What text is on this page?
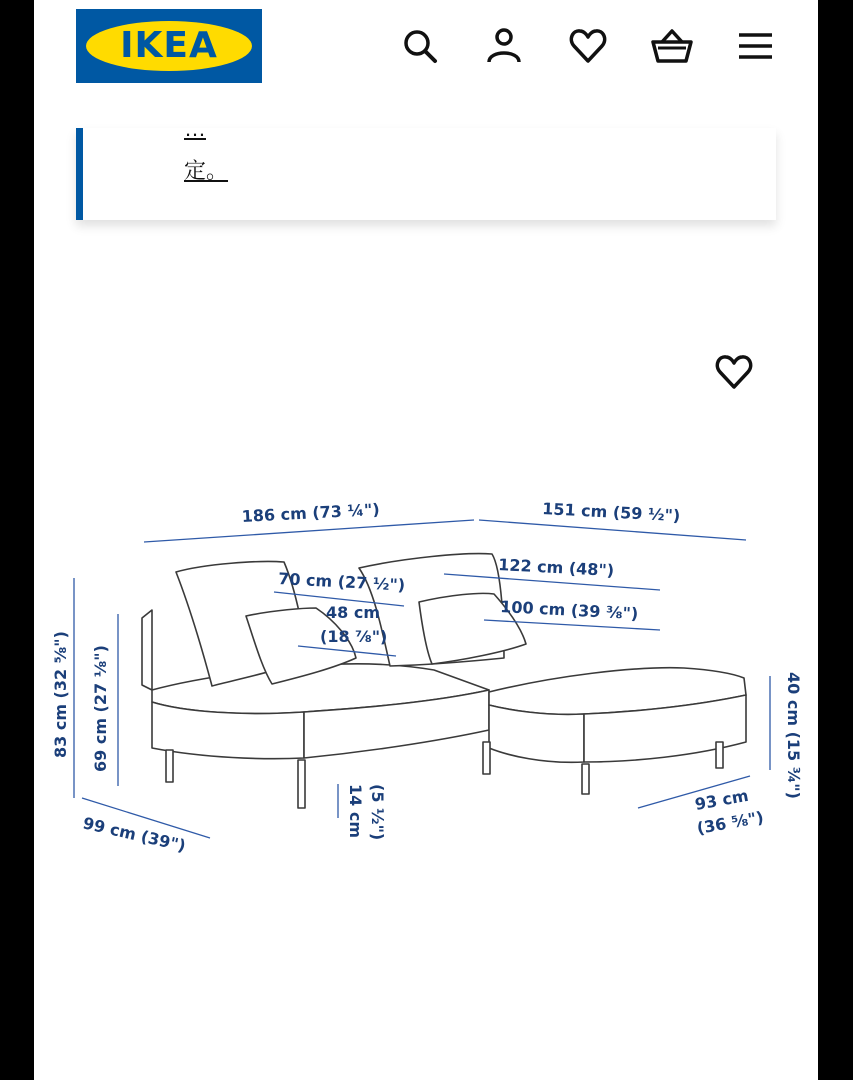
IKEA
…
定。
186 cm (73 ¼")	151 cm (59 ½")
70 cm (27 ½")
48 cm
(18 ⅞")
122 cm (48")
100 cm (39 ⅜")
83 cm (32 ⅝") 69 cm (27 ⅛")
14 cm (5 ½")
40 cm (15 ¾")
99 cm (39")
93 cm
(36 ⅝")
